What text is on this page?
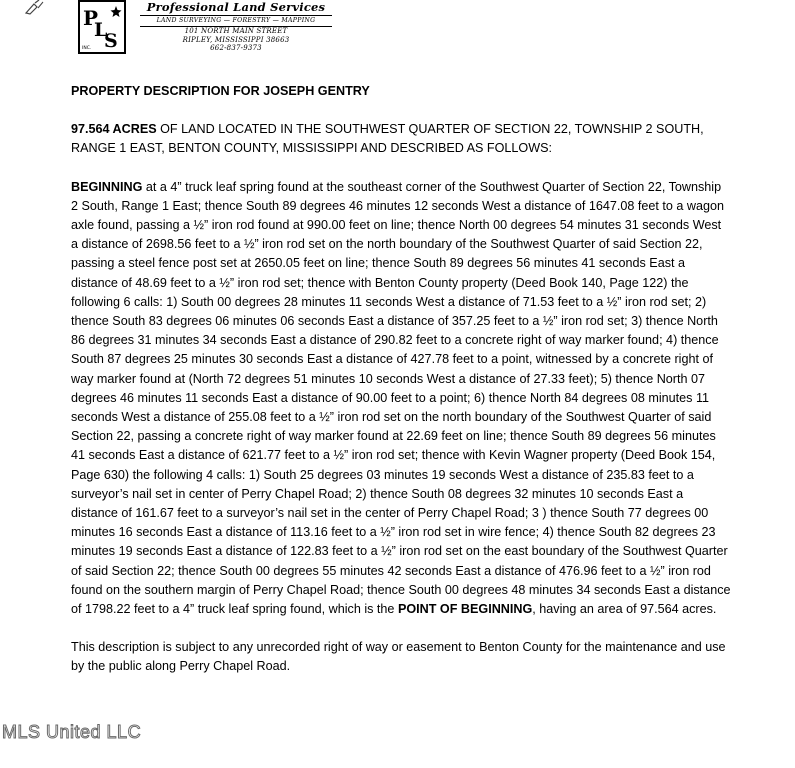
P
L
S
INC.
Professional Land Services
LAND SURVEYING — FORESTRY — MAPPING
101 NORTH MAIN STREET
RIPLEY, MISSISSIPPI 38663
662-837-9373

PROPERTY DESCRIPTION FOR JOSEPH GENTRY

97.564 ACRES OF LAND LOCATED IN THE SOUTHWEST QUARTER OF SECTION 22, TOWNSHIP 2 SOUTH, RANGE 1 EAST, BENTON COUNTY, MISSISSIPPI AND DESCRIBED AS FOLLOWS:

BEGINNING at a 4” truck leaf spring found at the southeast corner of the Southwest Quarter of Section 22, Township 2 South, Range 1 East; thence South 89 degrees 46 minutes 12 seconds West a distance of 1647.08 feet to a wagon axle found, passing a ½” iron rod found at 990.00 feet on line; thence North 00 degrees 54 minutes 31 seconds West a distance of 2698.56 feet to a ½” iron rod set on the north boundary of the Southwest Quarter of said Section 22, passing a steel fence post set at 2650.05 feet on line; thence South 89 degrees 56 minutes 41 seconds East a distance of 48.69 feet to a ½” iron rod set; thence with Benton County property (Deed Book 140, Page 122) the following 6 calls: 1) South 00 degrees 28 minutes 11 seconds West a distance of 71.53 feet to a ½” iron rod set; 2) thence South 83 degrees 06 minutes 06 seconds East a distance of 357.25 feet to a ½” iron rod set; 3) thence North 86 degrees 31 minutes 34 seconds East a distance of 290.82 feet to a concrete right of way marker found; 4) thence South 87 degrees 25 minutes 30 seconds East a distance of 427.78 feet to a point, witnessed by a concrete right of way marker found at (North 72 degrees 51 minutes 10 seconds West a distance of 27.33 feet); 5) thence North 07 degrees 46 minutes 11 seconds East a distance of 90.00 feet to a point; 6) thence North 84 degrees 08 minutes 11 seconds West a distance of 255.08 feet to a ½” iron rod set on the north boundary of the Southwest Quarter of said Section 22, passing a concrete right of way marker found at 22.69 feet on line; thence South 89 degrees 56 minutes 41 seconds East a distance of 621.77 feet to a ½” iron rod set; thence with Kevin Wagner property (Deed Book 154, Page 630) the following 4 calls: 1) South 25 degrees 03 minutes 19 seconds West a distance of 235.83 feet to a surveyor’s nail set in center of Perry Chapel Road; 2) thence South 08 degrees 32 minutes 10 seconds East a distance of 161.67 feet to a surveyor’s nail set in the center of Perry Chapel Road; 3 ) thence South 77 degrees 00 minutes 16 seconds East a distance of 113.16 feet to a ½” iron rod set in wire fence; 4) thence South 82 degrees 23 minutes 19 seconds East a distance of 122.83 feet to a ½” iron rod set on the east boundary of the Southwest Quarter of said Section 22; thence South 00 degrees 55 minutes 42 seconds East a distance of 476.96 feet to a ½” iron rod found on the southern margin of Perry Chapel Road; thence South 00 degrees 48 minutes 34 seconds East a distance of 1798.22 feet to a 4” truck leaf spring found, which is the POINT OF BEGINNING, having an area of 97.564 acres.

This description is subject to any unrecorded right of way or easement to Benton County for the maintenance and use by the public along Perry Chapel Road.

MLS United LLC
